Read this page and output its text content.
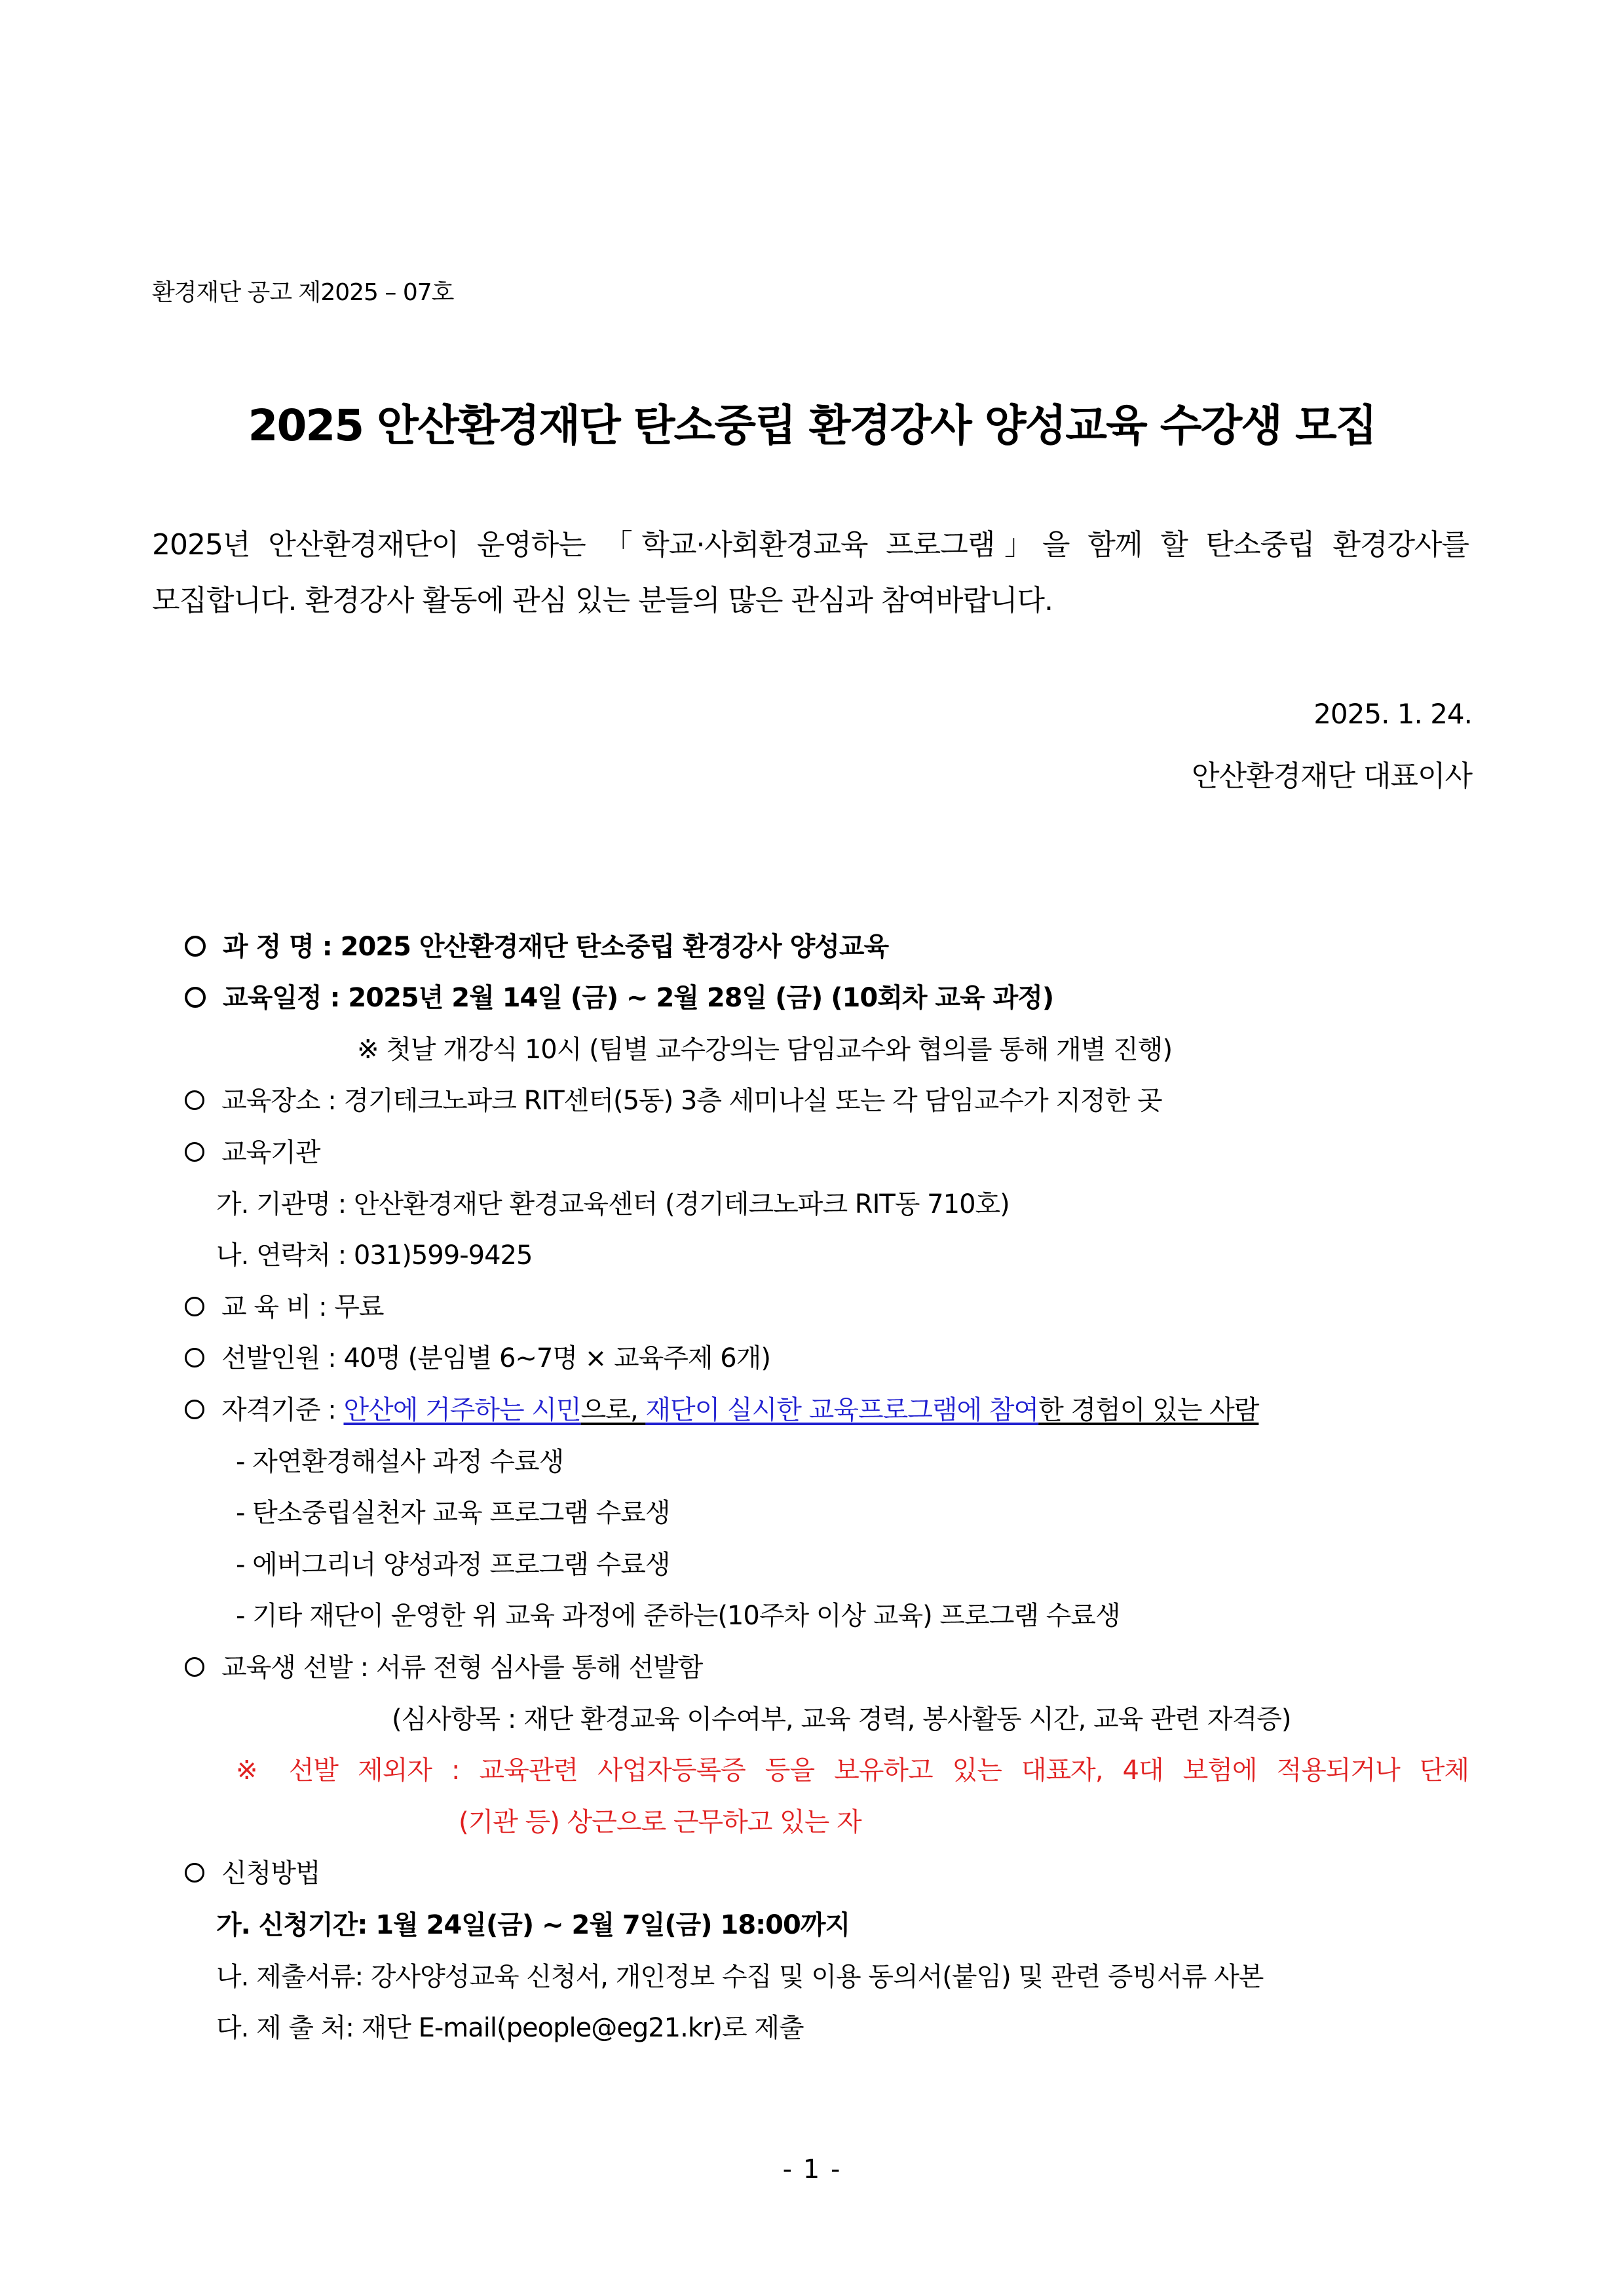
환경재단 공고 제2025 – 07호
2025 안산환경재단 탄소중립 환경강사 양성교육 수강생 모집
2025년 안산환경재단이 운영하는 「학교·사회환경교육 프로그램」을 함께 할 탄소중립 환경강사를
모집합니다. 환경강사 활동에 관심 있는 분들의 많은 관심과 참여바랍니다.
2025. 1. 24.
안산환경재단 대표이사
과 정 명 : 2025 안산환경재단 탄소중립 환경강사 양성교육
교육일정 : 2025년 2월 14일 (금) ~ 2월 28일 (금) (10회차 교육 과정)
※ 첫날 개강식 10시 (팀별 교수강의는 담임교수와 협의를 통해 개별 진행)
교육장소 : 경기테크노파크 RIT센터(5동) 3층 세미나실 또는 각 담임교수가 지정한 곳
교육기관
가. 기관명 : 안산환경재단 환경교육센터 (경기테크노파크 RIT동 710호)
나. 연락처 : 031)599-9425
교 육 비 : 무료
선발인원 : 40명 (분임별 6~7명 × 교육주제 6개)
자격기준 : 안산에 거주하는 시민으로, 재단이 실시한 교육프로그램에 참여한 경험이 있는 사람
- 자연환경해설사 과정 수료생
- 탄소중립실천자 교육 프로그램 수료생
- 에버그리너 양성과정 프로그램 수료생
- 기타 재단이 운영한 위 교육 과정에 준하는(10주차 이상 교육) 프로그램 수료생
교육생 선발 : 서류 전형 심사를 통해 선발함
(심사항목 : 재단 환경교육 이수여부, 교육 경력, 봉사활동 시간, 교육 관련 자격증)
※ 선발 제외자 : 교육관련 사업자등록증 등을 보유하고 있는 대표자, 4대 보험에 적용되거나 단체
(기관 등) 상근으로 근무하고 있는 자
신청방법
가. 신청기간: 1월 24일(금) ~ 2월 7일(금) 18:00까지
나. 제출서류: 강사양성교육 신청서, 개인정보 수집 및 이용 동의서(붙임) 및 관련 증빙서류 사본
다. 제 출 처: 재단 E-mail(people@eg21.kr)로 제출
- 1 -
